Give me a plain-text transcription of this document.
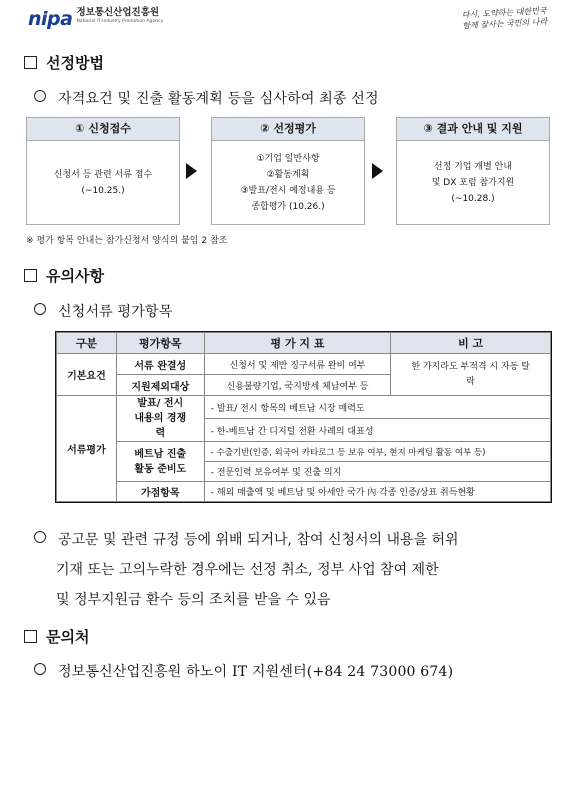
nipa 정보통신산업진흥원
National IT Industry Promotion Agency
다시, 도약하는 대한민국
함께 잘사는 국민의 나라
선정방법
자격요건 및 진출 활동계획 등을 심사하여 최종 선정
① 신청접수
신청서 등 관련 서류 접수
(~10.25.)
② 선정평가
①기업 일반사항
②활동계획
③발표/전시 예정내용 등
종합평가 (10.26.)
③ 결과 안내 및 지원
선정 기업 개별 안내
및 DX 포럼 참가지원
(~10.28.)
※ 평가 항목 안내는 참가신청서 양식의 붙임 2 참조
유의사항
신청서류 평가항목
구분	평가항목	평 가 지 표	비 고
기본요건	서류 완결성	신청서 및 제반 징구서류 완비 여부	한 가지라도 부적격 시 자동 탈락
	지원제외대상	신용불량기업, 국지방세 체납여부 등	
서류평가	발표/ 전시 내용의 경쟁력	- 발표/ 전시 항목의 베트남 시장 매력도	
		- 한-베트남 간 디지털 전환 사례의 대표성	
	베트남 진출 활동 준비도	- 수출기반(인증, 외국어 카타로그 등 보유 여부, 현지 마케팅 활동 여부 등)	
		- 전문인력 보유여부 및 진출 의지	
	가점항목	- 해외 매출액 및 베트남 및 아세안 국가 內 각종 인증/상표 취득현황	
공고문 및 관련 규정 등에 위배 되거나, 참여 신청서의 내용을 허위
기재 또는 고의누락한 경우에는 선정 취소, 정부 사업 참여 제한
및 정부지원금 환수 등의 조치를 받을 수 있음
문의처
정보통신산업진흥원 하노이 IT 지원센터(+84 24 73000 674)
